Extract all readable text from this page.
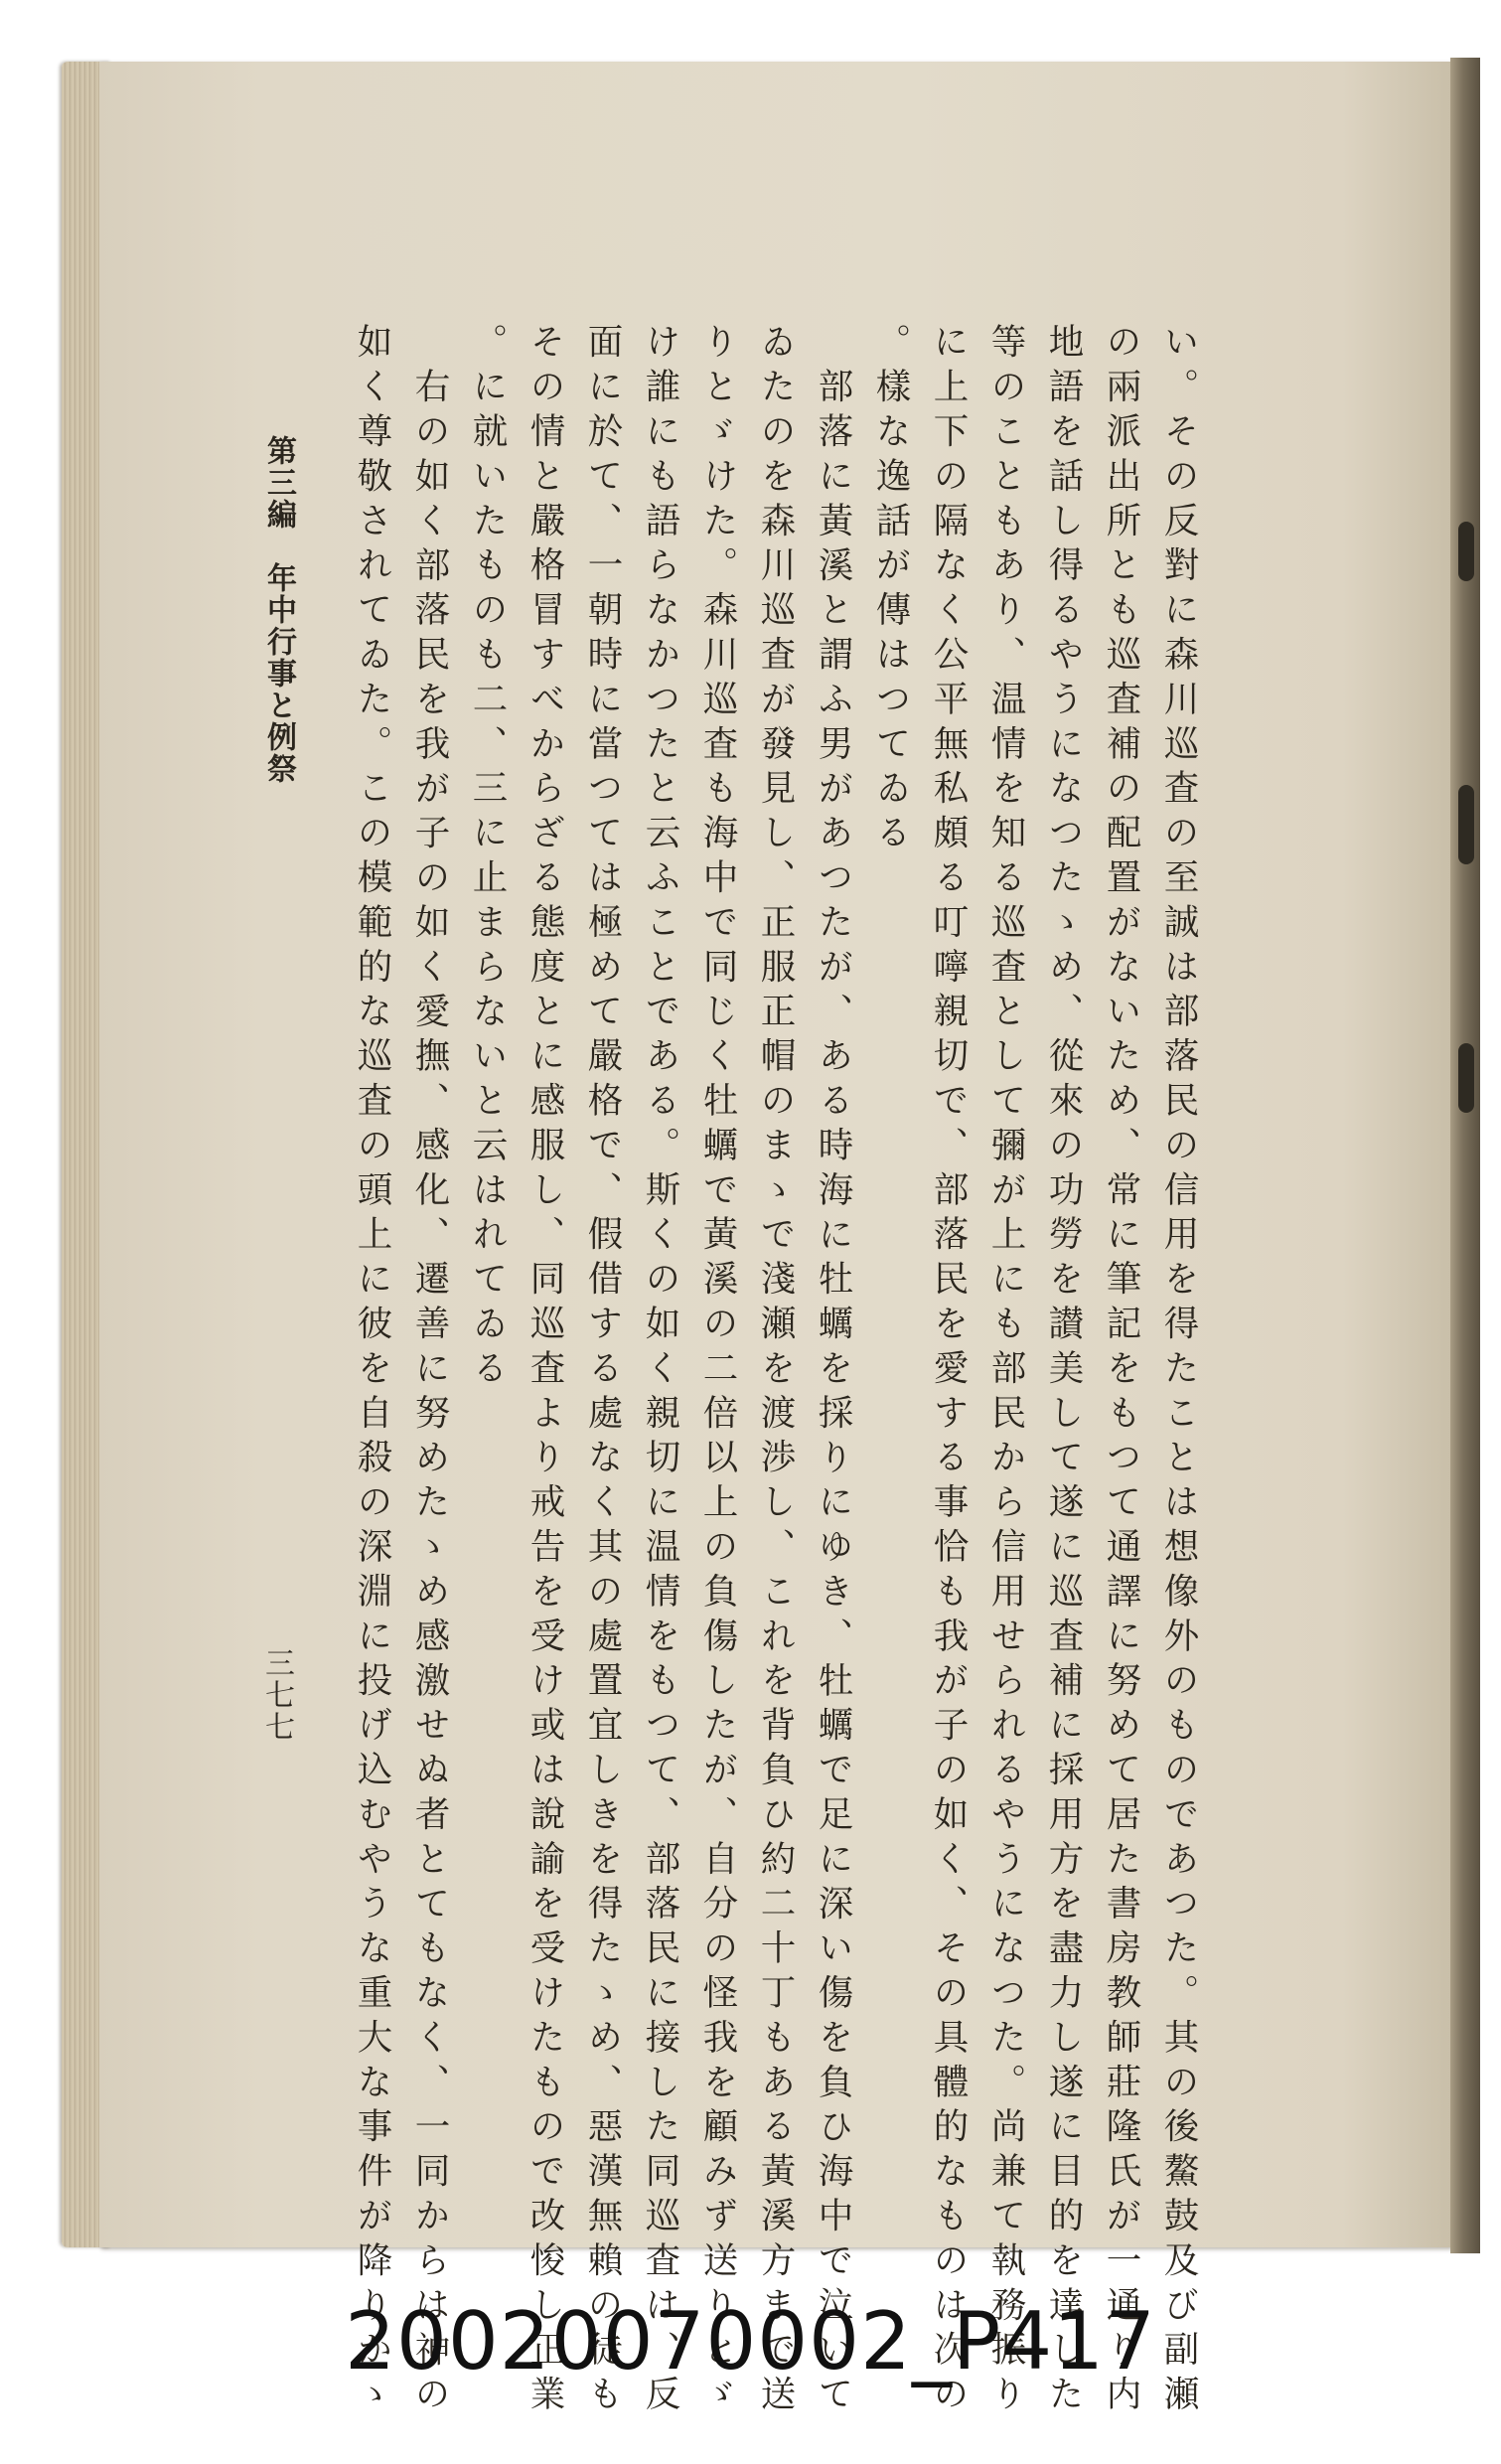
い。その反對に森川巡査の至誠は部落民の信用を得たことは想像外のものであつた。其の後鰲鼓及び副瀬
の兩派出所とも巡査補の配置がないため、常に筆記をもつて通譯に努めて居た書房教師莊隆氏が一通り内
地語を話し得るやうになつたゝめ、從來の功勞を讃美して遂に巡査補に採用方を盡力し遂に目的を達した
等のこともあり、温情を知る巡査として彌が上にも部民から信用せられるやうになつた。尚兼て執務振り
に上下の隔なく公平無私頗る叮嚀親切で、部落民を愛する事恰も我が子の如く、その具體的なものは次の
樣な逸話が傳はつてゐる。
部落に黃溪と謂ふ男があつたが、ある時海に牡蠣を採りにゆき、牡蠣で足に深い傷を負ひ海中で泣いて
ゐたのを森川巡査が發見し、正服正帽のまゝで淺瀬を渡渉し、これを背負ひ約二十丁もある黃溪方まで送
りとゞけた。森川巡査も海中で同じく牡蠣で黃溪の二倍以上の負傷したが、自分の怪我を顧みず送りとゞ
け誰にも語らなかつたと云ふことである。斯くの如く親切に温情をもつて、部落民に接した同巡査は、反
面に於て、一朝時に當つては極めて嚴格で、假借する處なく其の處置宜しきを得たゝめ、惡漢無賴の徒も
その情と嚴格冒すべからざる態度とに感服し、同巡査より戒告を受け或は說諭を受けたもので改悛し正業
に就いたものも二、三に止まらないと云はれてゐる。
右の如く部落民を我が子の如く愛撫、感化、遷善に努めたゝめ感激せぬ者とてもなく、一同からは神の
如く尊敬されてゐた。この模範的な巡査の頭上に彼を自殺の深淵に投げ込むやうな重大な事件が降りかゝ
第三編　年中行事と例祭
三七七
20020070002_P417
